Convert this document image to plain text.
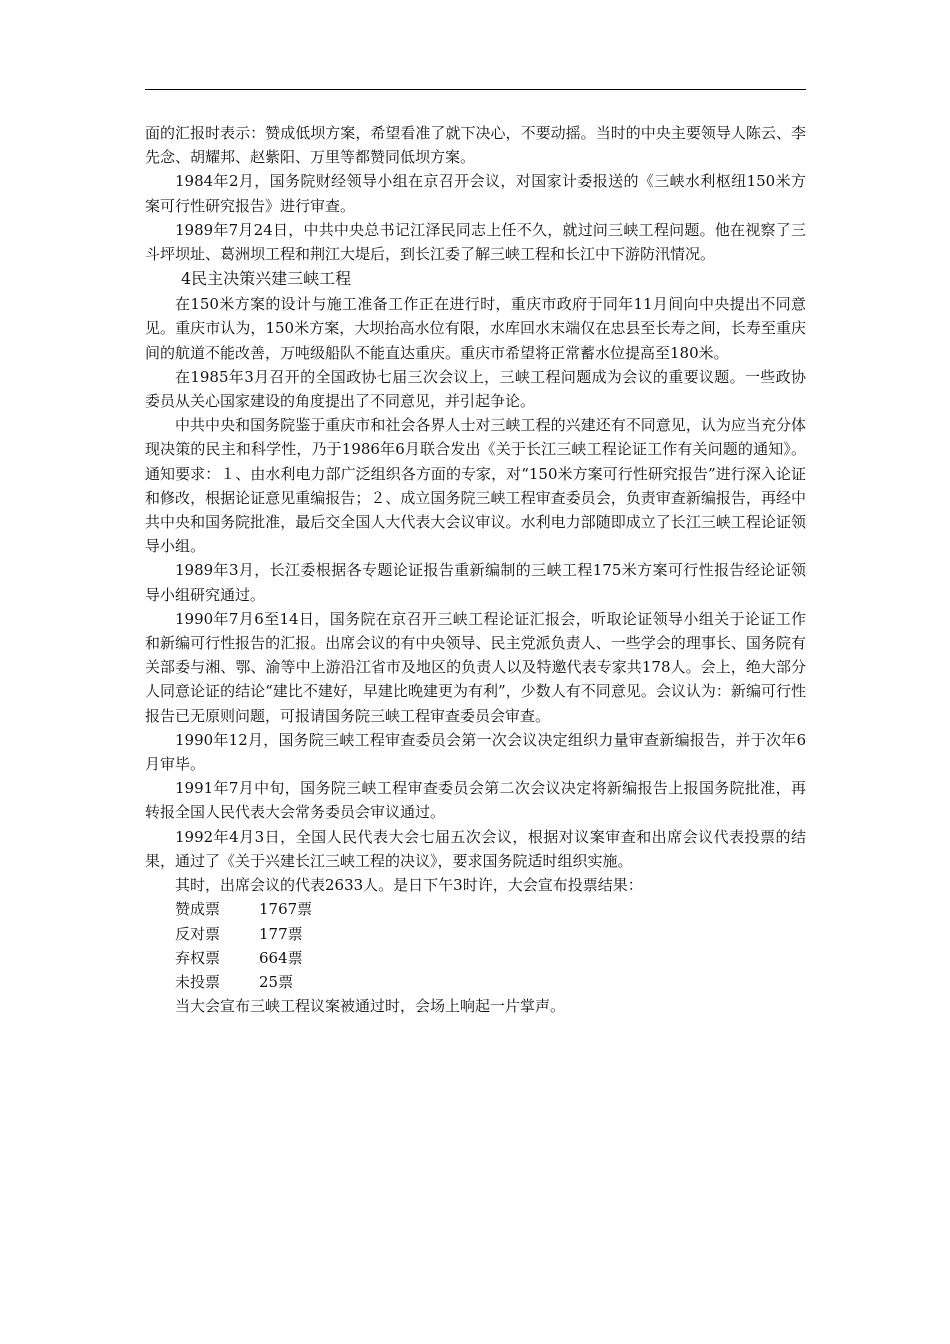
面的汇报时表示：赞成低坝方案，希望看准了就下决心，不要动摇。当时的中央主要领导人陈云、李先念、胡耀邦、赵紫阳、万里等都赞同低坝方案。

1984年2月，国务院财经领导小组在京召开会议，对国家计委报送的《三峡水利枢纽150米方案可行性研究报告》进行审查。

1989年7月24日，中共中央总书记江泽民同志上任不久，就过问三峡工程问题。他在视察了三斗坪坝址、葛洲坝工程和荆江大堤后，到长江委了解三峡工程和长江中下游防汛情况。

4民主决策兴建三峡工程

在150米方案的设计与施工准备工作正在进行时，重庆市政府于同年11月间向中央提出不同意见。重庆市认为，150米方案，大坝抬高水位有限，水库回水末端仅在忠县至长寿之间，长寿至重庆间的航道不能改善，万吨级船队不能直达重庆。重庆市希望将正常蓄水位提高至180米。

在1985年3月召开的全国政协七届三次会议上，三峡工程问题成为会议的重要议题。一些政协委员从关心国家建设的角度提出了不同意见，并引起争论。

中共中央和国务院鉴于重庆市和社会各界人士对三峡工程的兴建还有不同意见，认为应当充分体现决策的民主和科学性，乃于1986年6月联合发出《关于长江三峡工程论证工作有关问题的通知》。通知要求：１、由水利电力部广泛组织各方面的专家，对“150米方案可行性研究报告”进行深入论证和修改，根据论证意见重编报告；２、成立国务院三峡工程审查委员会，负责审查新编报告，再经中共中央和国务院批准，最后交全国人大代表大会议审议。水利电力部随即成立了长江三峡工程论证领导小组。

1989年3月，长江委根据各专题论证报告重新编制的三峡工程175米方案可行性报告经论证领导小组研究通过。

1990年7月6至14日，国务院在京召开三峡工程论证汇报会，听取论证领导小组关于论证工作和新编可行性报告的汇报。出席会议的有中央领导、民主党派负责人、一些学会的理事长、国务院有关部委与湘、鄂、渝等中上游沿江省市及地区的负责人以及特邀代表专家共178人。会上，绝大部分人同意论证的结论“建比不建好，早建比晚建更为有利”，少数人有不同意见。会议认为：新编可行性报告已无原则问题，可报请国务院三峡工程审查委员会审查。

1990年12月，国务院三峡工程审查委员会第一次会议决定组织力量审查新编报告，并于次年6月审毕。

1991年7月中旬，国务院三峡工程审查委员会第二次会议决定将新编报告上报国务院批准，再转报全国人民代表大会常务委员会审议通过。

1992年4月3日，全国人民代表大会七届五次会议，根据对议案审查和出席会议代表投票的结果，通过了《关于兴建长江三峡工程的决议》，要求国务院适时组织实施。

其时，出席会议的代表2633人。是日下午3时许，大会宣布投票结果：

赞成票	1767票
反对票	177票
弃权票	664票
未投票	25票

当大会宣布三峡工程议案被通过时，会场上响起一片掌声。
